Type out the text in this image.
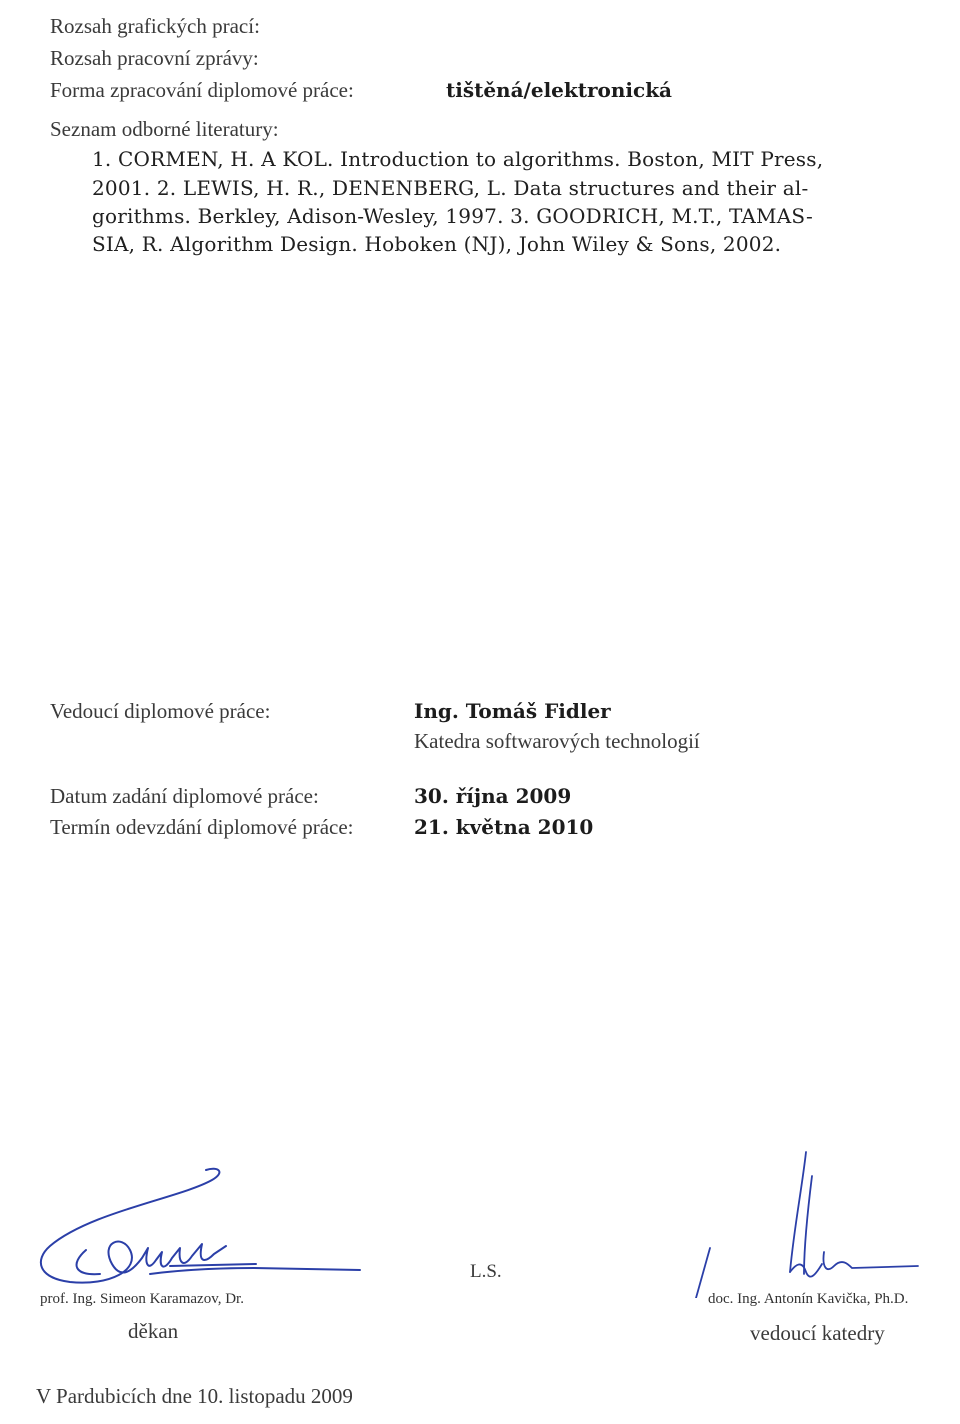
Rozsah grafických prací:
Rozsah pracovní zprávy:
Forma zpracování diplomové práce:	tištěná/elektronická
Seznam odborné literatury:
1. CORMEN, H. A KOL. Introduction to algorithms. Boston, MIT Press,
2001. 2. LEWIS, H. R., DENENBERG, L. Data structures and their al-
gorithms. Berkley, Adison-Wesley, 1997. 3. GOODRICH, M.T., TAMAS-
SIA, R. Algorithm Design. Hoboken (NJ), John Wiley & Sons, 2002.
Vedoucí diplomové práce:	Ing. Tomáš Fidler
Katedra softwarových technologií
Datum zadání diplomové práce:	30. října 2009
Termín odevzdání diplomové práce:	21. května 2010
prof. Ing. Simeon Karamazov, Dr.
děkan
L.S.
doc. Ing. Antonín Kavička, Ph.D.
vedoucí katedry
V Pardubicích dne 10. listopadu 2009
